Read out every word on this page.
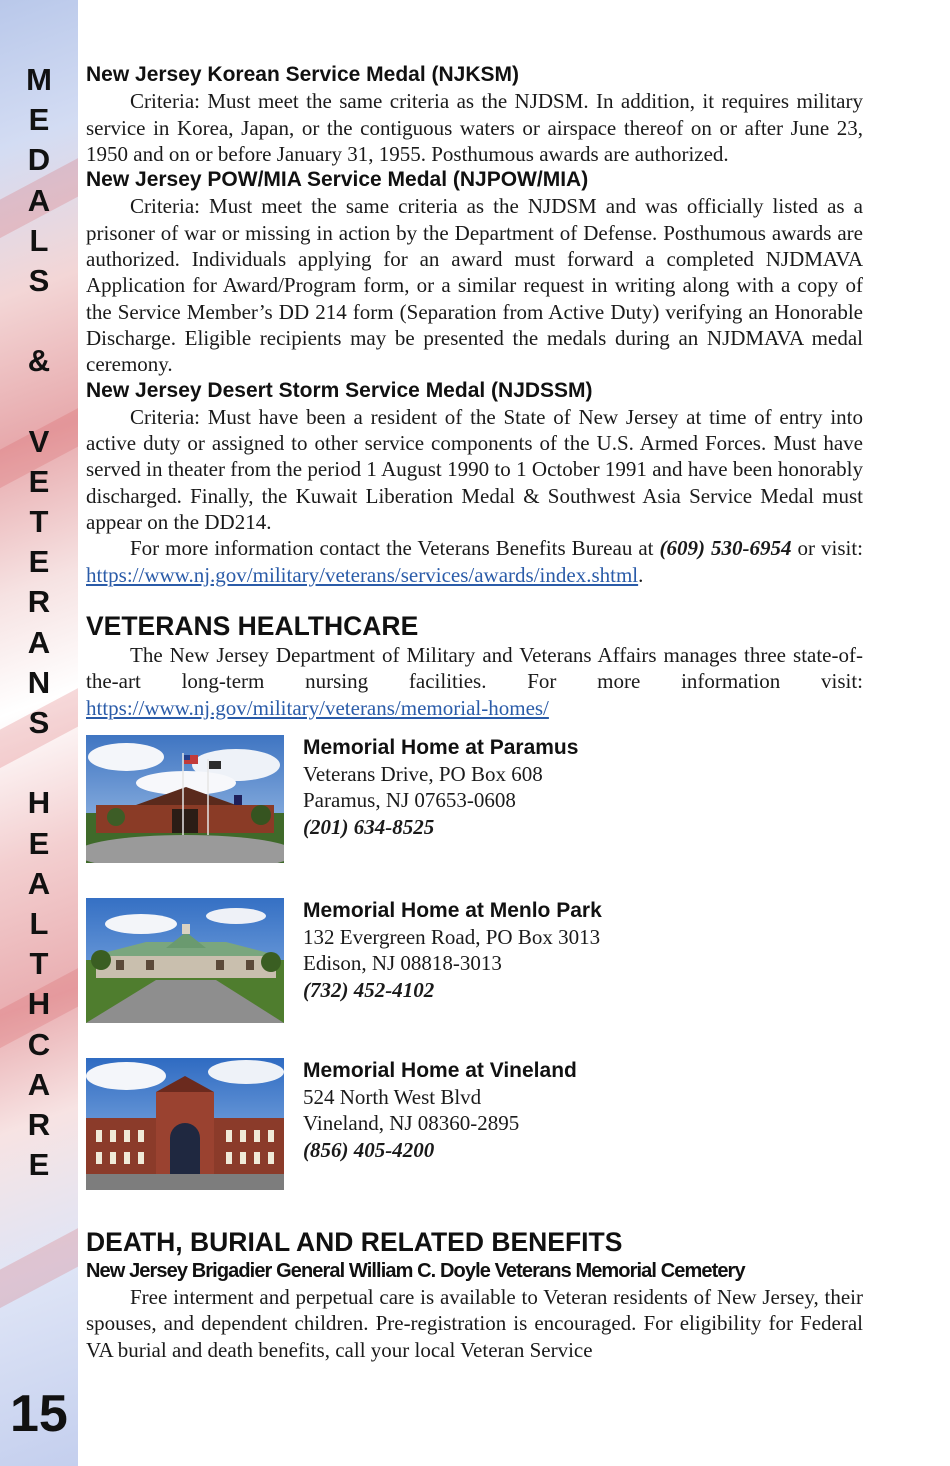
M
E
D
A
L
S
&
V
E
T
E
R
A
N
S
H
E
A
L
T
H
C
A
R
E
15
New Jersey Korean Service Medal (NJKSM)

Criteria: Must meet the same criteria as the NJDSM. In addition, it requires military service in Korea, Japan, or the contiguous waters or airspace thereof on or after June 23, 1950 and on or before January 31, 1955. Posthumous awards are authorized.

New Jersey POW/MIA Service Medal (NJPOW/MIA)

Criteria: Must meet the same criteria as the NJDSM and was officially listed as a prisoner of war or missing in action by the Department of Defense. Posthumous awards are authorized. Individuals applying for an award must forward a completed NJDMAVA Application for Award/Program form, or a similar request in writing along with a copy of the Service Member’s DD 214 form (Separation from Active Duty) verifying an Honorable Discharge. Eligible recipients may be presented the medals during an NJDMAVA medal ceremony.

New Jersey Desert Storm Service Medal (NJDSSM)

Criteria: Must have been a resident of the State of New Jersey at time of entry into active duty or assigned to other service components of the U.S. Armed Forces. Must have served in theater from the period 1 August 1990 to 1 October 1991 and have been honorably discharged. Finally, the Kuwait Liberation Medal & Southwest Asia Service Medal must appear on the DD214.

For more information contact the Veterans Benefits Bureau at (609) 530-6954 or visit: https://www.nj.gov/military/veterans/services/awards/index.shtml.

VETERANS HEALTHCARE

The New Jersey Department of Military and Veterans Affairs manages three state-of-the-art long-term nursing facilities. For more information visit: https://www.nj.gov/military/veterans/memorial-homes/

Memorial Home at Paramus

Veterans Drive, PO Box 608

Paramus, NJ 07653-0608

(201) 634-8525

Memorial Home at Menlo Park

132 Evergreen Road, PO Box 3013

Edison, NJ 08818-3013

(732) 452-4102

Memorial Home at Vineland

524 North West Blvd

Vineland, NJ 08360-2895

(856) 405-4200

DEATH, BURIAL AND RELATED BENEFITS
New Jersey Brigadier General William C. Doyle Veterans Memorial Cemetery

Free interment and perpetual care is available to Veteran residents of New Jersey, their spouses, and dependent children. Pre-registration is encouraged. For eligibility for Federal VA burial and death benefits, call your local Veteran Service
